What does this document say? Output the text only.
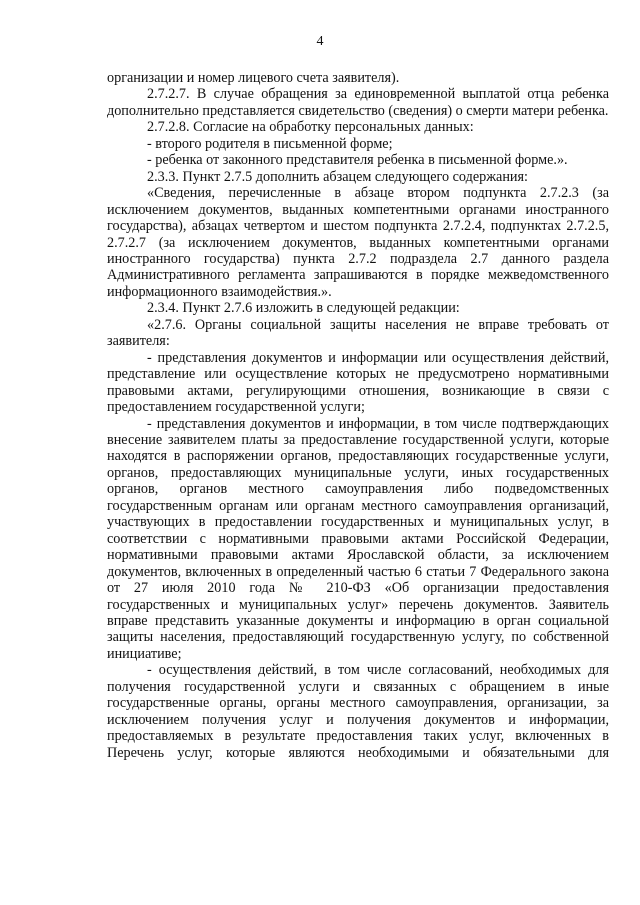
4

организации и номер лицевого счета заявителя).

2.7.2.7. В случае обращения за единовременной выплатой отца ребенка дополнительно представляется свидетельство (сведения) о смерти матери ребенка.

2.7.2.8. Согласие на обработку персональных данных:

- второго родителя в письменной форме;

- ребенка от законного представителя ребенка в письменной форме.».

2.3.3. Пункт 2.7.5 дополнить абзацем следующего содержания:

«Сведения, перечисленные в абзаце втором подпункта 2.7.2.3 (за исключением документов, выданных компетентными органами иностранного государства), абзацах четвертом и шестом подпункта 2.7.2.4, подпунктах 2.7.2.5, 2.7.2.7 (за исключением документов, выданных компетентными органами иностранного государства) пункта 2.7.2 подраздела 2.7 данного раздела Административного регламента запрашиваются в порядке межведомственного информационного взаимодействия.».

2.3.4. Пункт 2.7.6 изложить в следующей редакции:

«2.7.6. Органы социальной защиты населения не вправе требовать от заявителя:

- представления документов и информации или осуществления действий, представление или осуществление которых не предусмотрено нормативными правовыми актами, регулирующими отношения, возникающие в связи с предоставлением государственной услуги;

- представления документов и информации, в том числе подтверждающих внесение заявителем платы за предоставление государственной услуги, которые находятся в распоряжении органов, предоставляющих государственные услуги, органов, предоставляющих муниципальные услуги, иных государственных органов, органов местного самоуправления либо подведомственных государственным органам или органам местного самоуправления организаций, участвующих в предоставлении государственных и муниципальных услуг, в соответствии с нормативными правовыми актами Российской Федерации, нормативными правовыми актами Ярославской области, за исключением документов, включенных в определенный частью 6 статьи 7 Федерального закона от 27 июля 2010 года № 210-ФЗ «Об организации предоставления государственных и муниципальных услуг» перечень документов. Заявитель вправе представить указанные документы и информацию в орган социальной защиты населения, предоставляющий государственную услугу, по собственной инициативе;

- осуществления действий, в том числе согласований, необходимых для получения государственной услуги и связанных с обращением в иные государственные органы, органы местного самоуправления, организации, за исключением получения услуг и получения документов и информации, предоставляемых в результате предоставления таких услуг, включенных в Перечень услуг, которые являются необходимыми и обязательными для
